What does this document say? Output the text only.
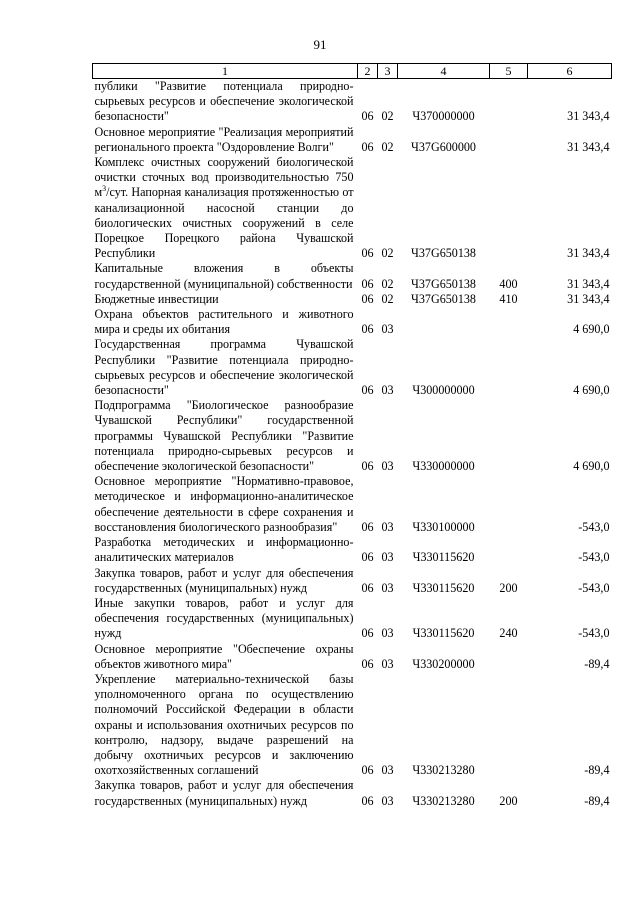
91
1	2	3	4	5	6
публики "Развитие потенциала природно-сырьевых ресурсов и обеспечение экологической безопасности"	06	02	Ч370000000		31 343,4
Основное мероприятие "Реализация мероприятий регионального проекта "Оздоровление Волги"	06	02	Ч37G600000		31 343,4
Комплекс очистных сооружений биологической очистки сточных вод производительностью 750 $м^3$/сут. Напорная канализация протяженностью от канализационной насосной станции до биологических очистных сооружений в селе Порецкое Порецкого района Чувашской Республики	06	02	Ч37G650138		31 343,4
Капитальные вложения в объекты государственной (муниципальной) собственности	06	02	Ч37G650138	400	31 343,4
Бюджетные инвестиции	06	02	Ч37G650138	410	31 343,4
Охрана объектов растительного и животного мира и среды их обитания	06	03			4 690,0
Государственная программа Чувашской Республики "Развитие потенциала природно-сырьевых ресурсов и обеспечение экологической безопасности"	06	03	Ч300000000		4 690,0
Подпрограмма "Биологическое разнообразие Чувашской Республики" государственной программы Чувашской Республики "Развитие потенциала природно-сырьевых ресурсов и обеспечение экологической безопасности"	06	03	Ч330000000		4 690,0
Основное мероприятие "Нормативно-правовое, методическое и информационно-аналитическое обеспечение деятельности в сфере сохранения и восстановления биологического разнообразия"	06	03	Ч330100000		-543,0
Разработка методических и информационно-аналитических материалов	06	03	Ч330115620		-543,0
Закупка товаров, работ и услуг для обеспечения государственных (муниципальных) нужд	06	03	Ч330115620	200	-543,0
Иные закупки товаров, работ и услуг для обеспечения государственных (муниципальных) нужд	06	03	Ч330115620	240	-543,0
Основное мероприятие "Обеспечение охраны объектов животного мира"	06	03	Ч330200000		-89,4
Укрепление материально-технической базы уполномоченного органа по осуществлению полномочий Российской Федерации в области охраны и использования охотничьих ресурсов по контролю, надзору, выдаче разрешений на добычу охотничьих ресурсов и заключению охотхозяйственных соглашений	06	03	Ч330213280		-89,4
Закупка товаров, работ и услуг для обеспечения государственных (муниципальных) нужд	06	03	Ч330213280	200	-89,4
